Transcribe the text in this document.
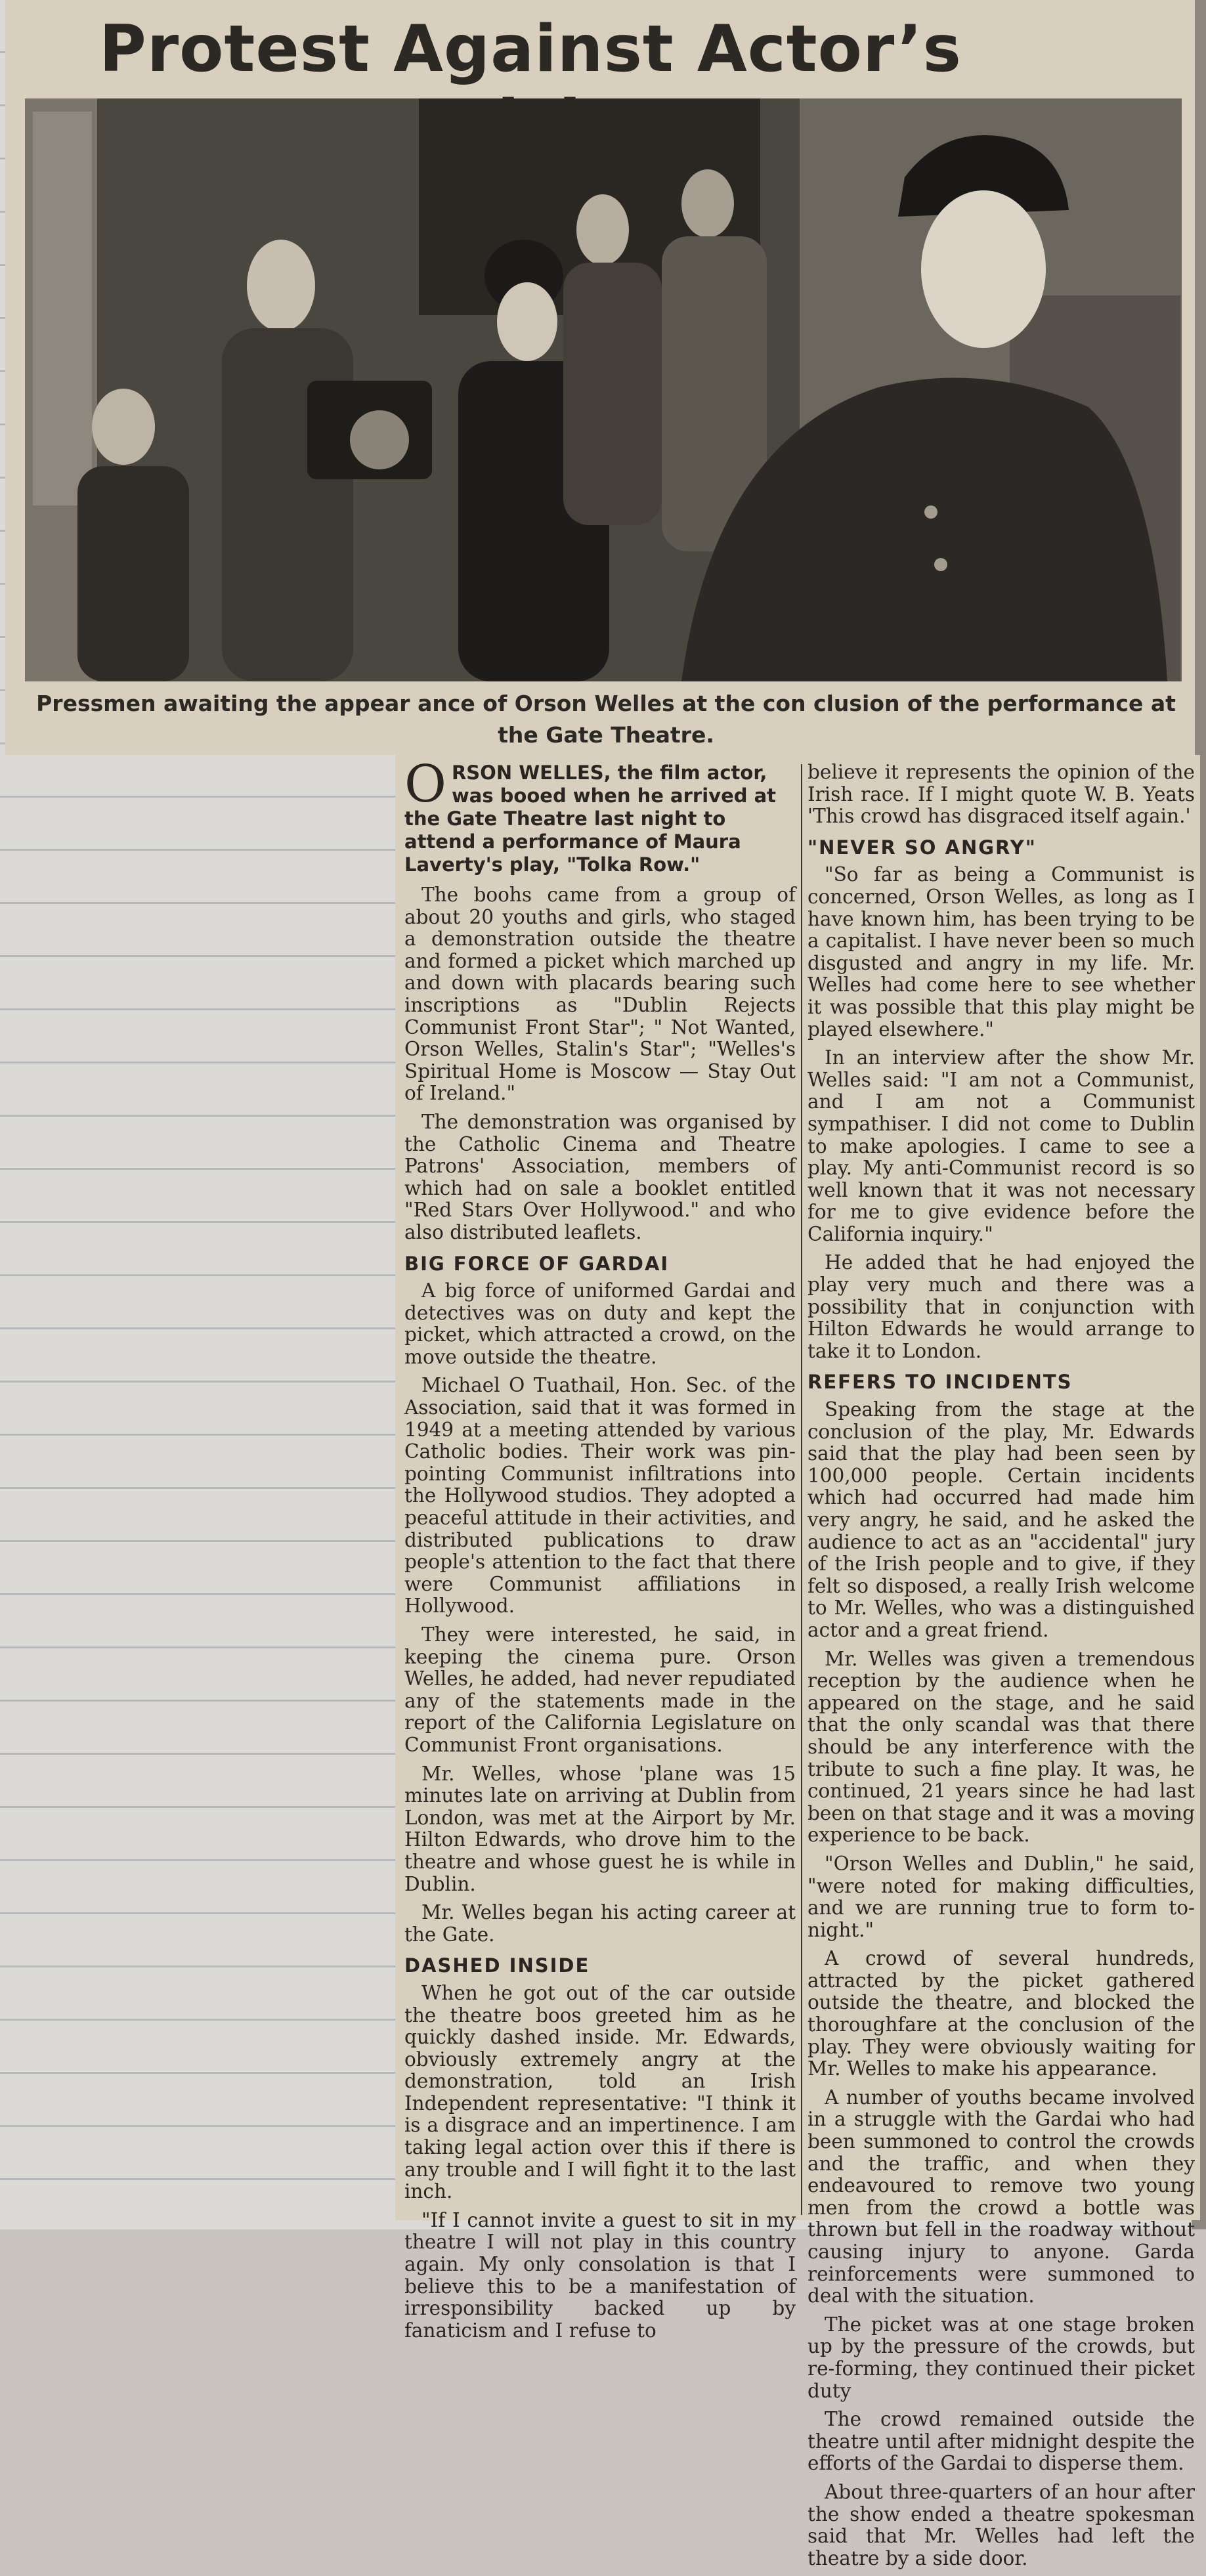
Protest Against Actor’s
Pressmen awaiting the appear ance of Orson Welles at the con clusion of the performance at the Gate Theatre.
ORSON WELLES, the film actor, was booed when he arrived at the Gate Theatre last night to attend a performance of Maura Laverty's play, "Tolka Row."

The boohs came from a group of about 20 youths and girls, who staged a demonstration outside the theatre and formed a picket which marched up and down with placards bearing such inscriptions as "Dublin Rejects Communist Front Star"; " Not Wanted, Orson Welles, Stalin's Star"; "Welles's Spiritual Home is Moscow — Stay Out of Ireland."

The demonstration was organised by the Catholic Cinema and Theatre Patrons' Association, members of which had on sale a booklet entitled "Red Stars Over Hollywood." and who also distributed leaflets.

BIG FORCE OF GARDAI

A big force of uniformed Gardai and detectives was on duty and kept the picket, which attracted a crowd, on the move outside the theatre.

Michael O Tuathail, Hon. Sec. of the Association, said that it was formed in 1949 at a meeting attended by various Catholic bodies. Their work was pin-pointing Communist infiltrations into the Hollywood studios. They adopted a peaceful attitude in their activities, and distributed publications to draw people's attention to the fact that there were Communist affiliations in Hollywood.

They were interested, he said, in keeping the cinema pure. Orson Welles, he added, had never repudiated any of the statements made in the report of the California Legislature on Communist Front organisations.

Mr. Welles, whose 'plane was 15 minutes late on arriving at Dublin from London, was met at the Airport by Mr. Hilton Edwards, who drove him to the theatre and whose guest he is while in Dublin.

Mr. Welles began his acting career at the Gate.

DASHED INSIDE

When he got out of the car outside the theatre boos greeted him as he quickly dashed inside. Mr. Edwards, obviously extremely angry at the demonstration, told an Irish Independent representative: "I think it is a disgrace and an impertinence. I am taking legal action over this if there is any trouble and I will fight it to the last inch.

"If I cannot invite a guest to sit in my theatre I will not play in this country again. My only consolation is that I believe this to be a manifestation of irresponsibility backed up by fanaticism and I refuse to

believe it represents the opinion of the Irish race. If I might quote W. B. Yeats 'This crowd has disgraced itself again.'

"NEVER SO ANGRY"

"So far as being a Communist is concerned, Orson Welles, as long as I have known him, has been trying to be a capitalist. I have never been so much disgusted and angry in my life. Mr. Welles had come here to see whether it was possible that this play might be played elsewhere."

In an interview after the show Mr. Welles said: "I am not a Communist, and I am not a Communist sympathiser. I did not come to Dublin to make apologies. I came to see a play. My anti-Communist record is so well known that it was not necessary for me to give evidence before the California inquiry."

He added that he had enjoyed the play very much and there was a possibility that in conjunction with Hilton Edwards he would arrange to take it to London.

REFERS TO INCIDENTS

Speaking from the stage at the conclusion of the play, Mr. Edwards said that the play had been seen by 100,000 people. Certain incidents which had occurred had made him very angry, he said, and he asked the audience to act as an "accidental" jury of the Irish people and to give, if they felt so disposed, a really Irish welcome to Mr. Welles, who was a distinguished actor and a great friend.

Mr. Welles was given a tremendous reception by the audience when he appeared on the stage, and he said that the only scandal was that there should be any interference with the tribute to such a fine play. It was, he continued, 21 years since he had last been on that stage and it was a moving experience to be back.

"Orson Welles and Dublin," he said, "were noted for making difficulties, and we are running true to form to-night."

A crowd of several hundreds, attracted by the picket gathered outside the theatre, and blocked the thoroughfare at the conclusion of the play. They were obviously waiting for Mr. Welles to make his appearance.

A number of youths became involved in a struggle with the Gardai who had been summoned to control the crowds and the traffic, and when they endeavoured to remove two young men from the crowd a bottle was thrown but fell in the roadway without causing injury to anyone. Garda reinforcements were summoned to deal with the situation.

The picket was at one stage broken up by the pressure of the crowds, but re-forming, they continued their picket duty

The crowd remained outside the theatre until after midnight despite the efforts of the Gardai to disperse them.

About three-quarters of an hour after the show ended a theatre spokesman said that Mr. Welles had left the theatre by a side door.
